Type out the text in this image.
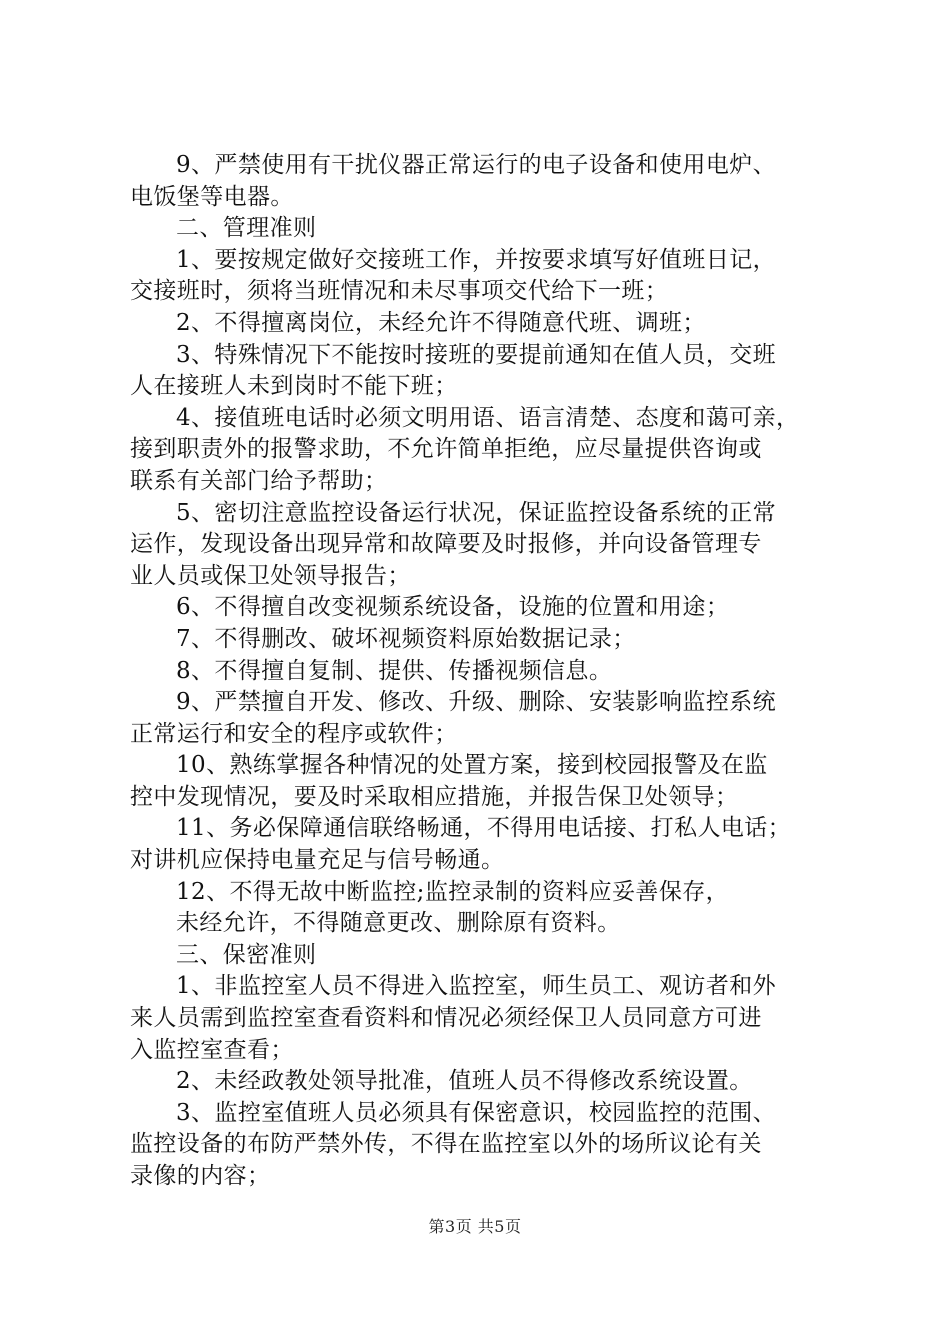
9、严禁使用有干扰仪器正常运行的电子设备和使用电炉、
电饭堡等电器。
二、管理准则
1、要按规定做好交接班工作，并按要求填写好值班日记，
交接班时，须将当班情况和未尽事项交代给下一班；
2、不得擅离岗位，未经允许不得随意代班、调班；
3、特殊情况下不能按时接班的要提前通知在值人员，交班
人在接班人未到岗时不能下班；
4、接值班电话时必须文明用语、语言清楚、态度和蔼可亲，
接到职责外的报警求助，不允许简单拒绝，应尽量提供咨询或
联系有关部门给予帮助；
5、密切注意监控设备运行状况，保证监控设备系统的正常
运作，发现设备出现异常和故障要及时报修，并向设备管理专
业人员或保卫处领导报告；
6、不得擅自改变视频系统设备，设施的位置和用途；
7、不得删改、破坏视频资料原始数据记录；
8、不得擅自复制、提供、传播视频信息。
9、严禁擅自开发、修改、升级、删除、安装影响监控系统
正常运行和安全的程序或软件；
10、熟练掌握各种情况的处置方案，接到校园报警及在监
控中发现情况，要及时采取相应措施，并报告保卫处领导；
11、务必保障通信联络畅通，不得用电话接、打私人电话；
对讲机应保持电量充足与信号畅通。
12、不得无故中断监控;监控录制的资料应妥善保存，
未经允许，不得随意更改、删除原有资料。
三、保密准则
1、非监控室人员不得进入监控室，师生员工、观访者和外
来人员需到监控室查看资料和情况必须经保卫人员同意方可进
入监控室查看；
2、未经政教处领导批准，值班人员不得修改系统设置。
3、监控室值班人员必须具有保密意识，校园监控的范围、
监控设备的布防严禁外传，不得在监控室以外的场所议论有关
录像的内容；
第3页 共5页
